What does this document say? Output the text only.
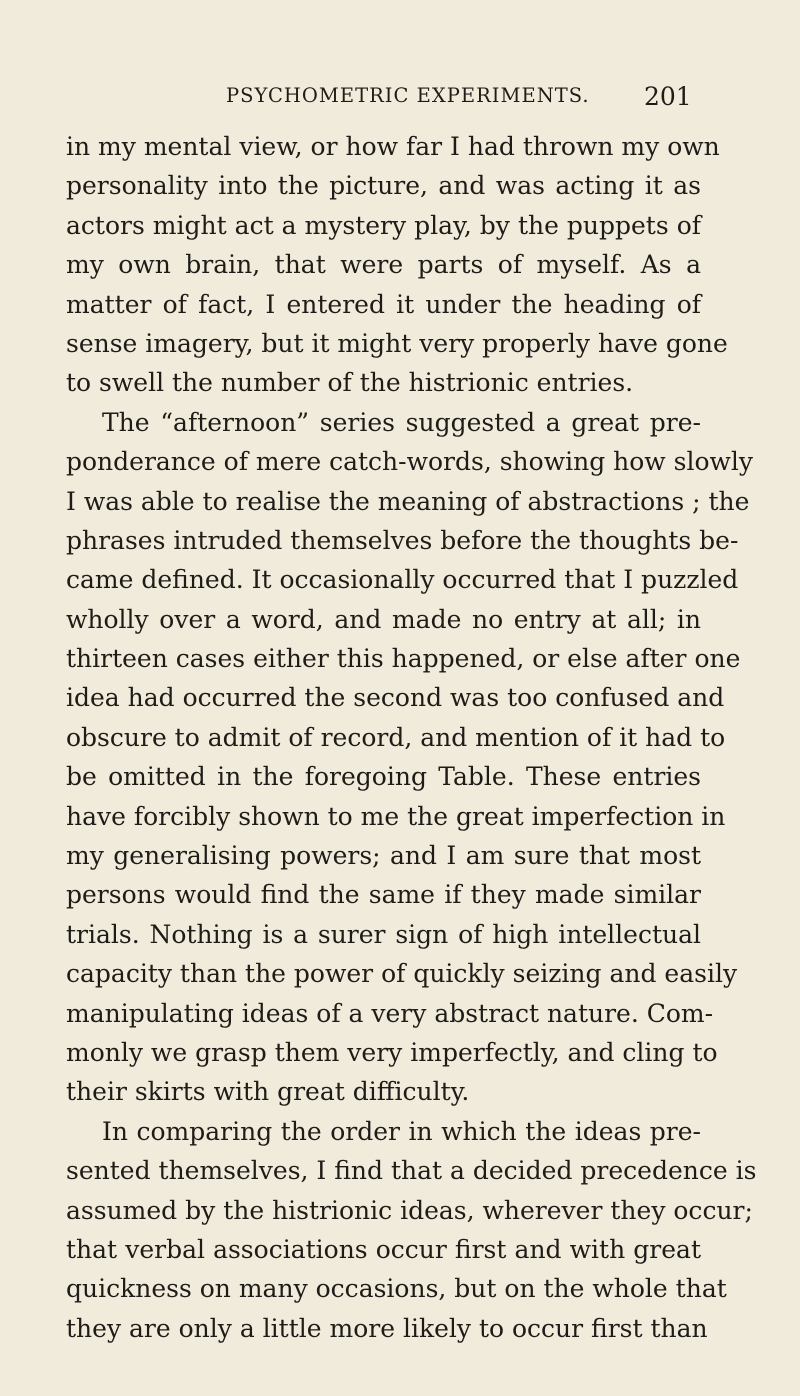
PSYCHOMETRIC EXPERIMENTS. 201
in my mental view, or how far I had thrown my own
personality into the picture, and was acting it as
actors might act a mystery play, by the puppets of
my own brain, that were parts of myself. As a
matter of fact, I entered it under the heading of
sense imagery, but it might very properly have gone
to swell the number of the histrionic entries.
The “afternoon” series suggested a great pre-
ponderance of mere catch-words, showing how slowly
I was able to realise the meaning of abstractions ; the
phrases intruded themselves before the thoughts be-
came defined. It occasionally occurred that I puzzled
wholly over a word, and made no entry at all; in
thirteen cases either this happened, or else after one
idea had occurred the second was too confused and
obscure to admit of record, and mention of it had to
be omitted in the foregoing Table. These entries
have forcibly shown to me the great imperfection in
my generalising powers; and I am sure that most
persons would find the same if they made similar
trials. Nothing is a surer sign of high intellectual
capacity than the power of quickly seizing and easily
manipulating ideas of a very abstract nature. Com-
monly we grasp them very imperfectly, and cling to
their skirts with great difficulty.
In comparing the order in which the ideas pre-
sented themselves, I find that a decided precedence is
assumed by the histrionic ideas, wherever they occur;
that verbal associations occur first and with great
quickness on many occasions, but on the whole that
they are only a little more likely to occur first than
